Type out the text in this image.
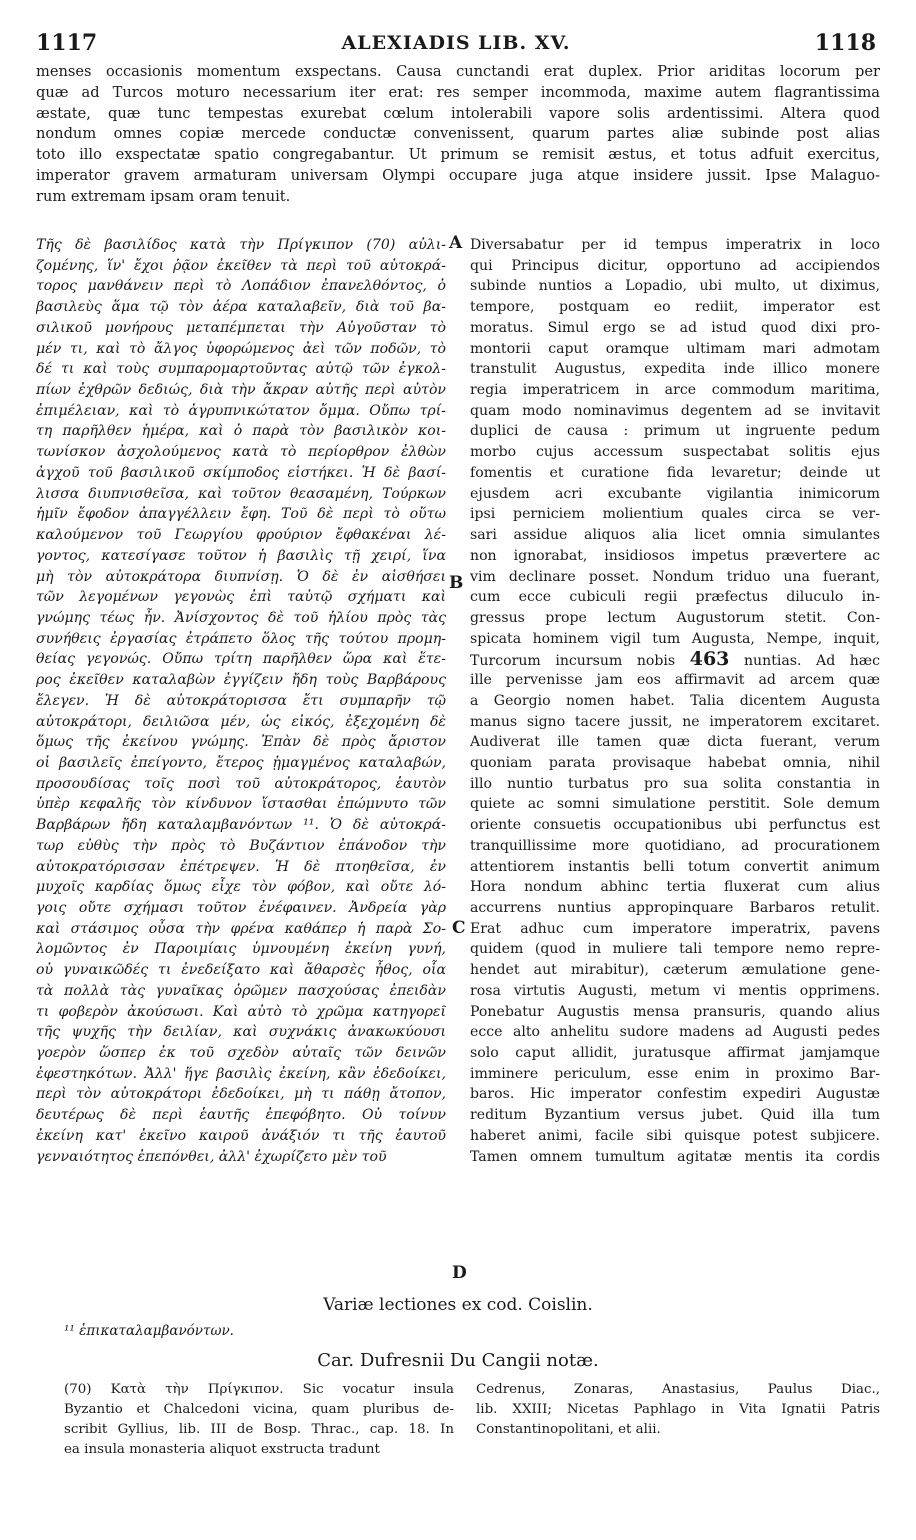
1117	ALEXIADIS LIB. XV.	1118
menses occasionis momentum exspectans. Causa cunctandi erat duplex. Prior ariditas locorum per
quæ ad Turcos moturo necessarium iter erat: res semper incommoda, maxime autem flagrantissima
æstate, quæ tunc tempestas exurebat cœlum intolerabili vapore solis ardentissimi. Altera quod
nondum omnes copiæ mercede conductæ convenissent, quarum partes aliæ subinde post alias
toto illo exspectatæ spatio congregabantur. Ut primum se remisit æstus, et totus adfuit exercitus,
imperator gravem armaturam universam Olympi occupare juga atque insidere jussit. Ipse Malaguo-
rum extremam ipsam oram tenuit.
Τῆς δὲ βασιλίδος κατὰ τὴν Πρίγκιπον (70) αὐλι-
ζομένης, ἵν' ἔχοι ῥᾷον ἐκεῖθεν τὰ περὶ τοῦ αὐτοκρά-
τορος μανθάνειν περὶ τὸ Λοπάδιον ἐπανελθόντος, ὁ
βασιλεὺς ἅμα τῷ τὸν ἀέρα καταλαβεῖν, διὰ τοῦ βα-
σιλικοῦ μονήρους μεταπέμπεται τὴν Αὐγοῦσταν τὸ
μέν τι, καὶ τὸ ἄλγος ὑφορώμενος ἀεὶ τῶν ποδῶν, τὸ
δέ τι καὶ τοὺς συμπαρομαρτοῦντας αὐτῷ τῶν ἐγκολ-
πίων ἐχθρῶν δεδιώς, διὰ τὴν ἄκραν αὐτῆς περὶ αὐτὸν
ἐπιμέλειαν, καὶ τὸ ἀγρυπνικώτατον ὄμμα. Οὔπω τρί-
τη παρῆλθεν ἡμέρα, καὶ ὁ παρὰ τὸν βασιλικὸν κοι-
τωνίσκον ἀσχολούμενος κατὰ τὸ περίορθρον ἐλθὼν
ἀγχοῦ τοῦ βασιλικοῦ σκίμποδος εἱστήκει. Ἡ δὲ βασί-
λισσα διυπνισθεῖσα, καὶ τοῦτον θεασαμένη, Τούρκων
ἡμῖν ἔφοδον ἀπαγγέλλειν ἔφη. Τοῦ δὲ περὶ τὸ οὕτω
καλούμενον τοῦ Γεωργίου φρούριον ἔφθακέναι λέ-
γοντος, κατεσίγασε τοῦτον ἡ βασιλὶς τῇ χειρί, ἵνα
μὴ τὸν αὐτοκράτορα διυπνίσῃ. Ὁ δὲ ἐν αἰσθήσει
τῶν λεγομένων γεγονὼς ἐπὶ ταὐτῷ σχήματι καὶ
γνώμης τέως ἦν. Ἀνίσχοντος δὲ τοῦ ἡλίου πρὸς τὰς
συνήθεις ἐργασίας ἐτράπετο ὅλος τῆς τούτου προμη-
θείας γεγονώς. Οὔπω τρίτη παρῆλθεν ὥρα καὶ ἕτε-
ρος ἐκεῖθεν καταλαβὼν ἐγγίζειν ἤδη τοὺς Βαρβάρους
ἔλεγεν. Ἡ δὲ αὐτοκράτορισσα ἔτι συμπαρῆν τῷ
αὐτοκράτορι, δειλιῶσα μέν, ὡς εἰκός, ἐξεχομένη δὲ
ὅμως τῆς ἐκείνου γνώμης. Ἐπὰν δὲ πρὸς ἄριστον
οἱ βασιλεῖς ἐπείγοντο, ἕτερος ᾑμαγμένος καταλαβών,
προσουδίσας τοῖς ποσὶ τοῦ αὐτοκράτορος, ἑαυτὸν
ὑπὲρ κεφαλῆς τὸν κίνδυνον ἵστασθαι ἐπώμνυτο τῶν
Βαρβάρων ἤδη καταλαμβανόντων ¹¹. Ὁ δὲ αὐτοκρά-
τωρ εὐθὺς τὴν πρὸς τὸ Βυζάντιον ἐπάνοδον τὴν
αὐτοκρατόρισσαν ἐπέτρεψεν. Ἡ δὲ πτοηθεῖσα, ἐν
μυχοῖς καρδίας ὅμως εἶχε τὸν φόβον, καὶ οὔτε λό-
γοις οὔτε σχήμασι τοῦτον ἐνέφαινεν. Ἀνδρεία γὰρ
καὶ στάσιμος οὖσα τὴν φρένα καθάπερ ἡ παρὰ Σο-
λομῶντος ἐν Παροιμίαις ὑμνουμένη ἐκείνη γυνή,
οὐ γυναικῶδές τι ἐνεδείξατο καὶ ἄθαρσὲς ἦθος, οἷα
τὰ πολλὰ τὰς γυναῖκας ὁρῶμεν πασχούσας ἐπειδὰν
τι φοβερὸν ἀκούσωσι. Καὶ αὐτὸ τὸ χρῶμα κατηγορεῖ
τῆς ψυχῆς τὴν δειλίαν, καὶ συχνάκις ἀνακωκύουσι
γοερὸν ὥσπερ ἐκ τοῦ σχεδὸν αὐταῖς τῶν δεινῶν
ἐφεστηκότων. Ἀλλ' ἥγε βασιλὶς ἐκείνη, κἂν ἐδεδοίκει,
περὶ τὸν αὐτοκράτορι ἐδεδοίκει, μὴ τι πάθῃ ἄτοπον,
δευτέρως δὲ περὶ ἑαυτῆς ἐπεφόβητο. Οὐ τοίνυν
ἐκείνη κατ' ἐκεῖνο καιροῦ ἀνάξιόν τι τῆς ἑαυτοῦ
γενναιότητος ἐπεπόνθει, ἀλλ' ἐχωρίζετο μὲν τοῦ
Diversabatur per id tempus imperatrix in loco
qui Principus dicitur, opportuno ad accipiendos
subinde nuntios a Lopadio, ubi multo, ut diximus,
tempore, postquam eo rediit, imperator est
moratus. Simul ergo se ad istud quod dixi pro-
montorii caput oramque ultimam mari admotam
transtulit Augustus, expedita inde illico monere
regia imperatricem in arce commodum maritima,
quam modo nominavimus degentem ad se invitavit
duplici de causa : primum ut ingruente pedum
morbo cujus accessum suspectabat solitis ejus
fomentis et curatione fida levaretur; deinde ut
ejusdem acri excubante vigilantia inimicorum
ipsi perniciem molientium quales circa se ver-
sari assidue aliquos alia licet omnia simulantes
non ignorabat, insidiosos impetus prævertere ac
vim declinare posset. Nondum triduo una fuerant,
cum ecce cubiculi regii præfectus diluculo in-
gressus prope lectum Augustorum stetit. Con-
spicata hominem vigil tum Augusta, Nempe, inquit,
Turcorum incursum nobis 463 nuntias. Ad hæc
ille pervenisse jam eos affirmavit ad arcem quæ
a Georgio nomen habet. Talia dicentem Augusta
manus signo tacere jussit, ne imperatorem excitaret.
Audiverat ille tamen quæ dicta fuerant, verum
quoniam parata provisaque habebat omnia, nihil
illo nuntio turbatus pro sua solita constantia in
quiete ac somni simulatione perstitit. Sole demum
oriente consuetis occupationibus ubi perfunctus est
tranquillissime more quotidiano, ad procurationem
attentiorem instantis belli totum convertit animum
Hora nondum abhinc tertia fluxerat cum alius
accurrens nuntius appropinquare Barbaros retulit.
Erat adhuc cum imperatore imperatrix, pavens
quidem (quod in muliere tali tempore nemo repre-
hendet aut mirabitur), cæterum æmulatione gene-
rosa virtutis Augusti, metum vi mentis opprimens.
Ponebatur Augustis mensa pransuris, quando alius
ecce alto anhelitu sudore madens ad Augusti pedes
solo caput allidit, juratusque affirmat jamjamque
imminere periculum, esse enim in proximo Bar-
baros. Hic imperator confestim expediri Augustæ
reditum Byzantium versus jubet. Quid illa tum
haberet animi, facile sibi quisque potest subjicere.
Tamen omnem tumultum agitatæ mentis ita cordis
A
B
C
D
Variæ lectiones ex cod. Coislin.
¹¹ ἐπικαταλαμβανόντων.
Car. Dufresnii Du Cangii notæ.
(70) Κατὰ τὴν Πρίγκιπον. Sic vocatur insula
Byzantio et Chalcedoni vicina, quam pluribus de-
scribit Gyllius, lib. III de Bosp. Thrac., cap. 18. In
ea insula monasteria aliquot exstructa tradunt
Cedrenus, Zonaras, Anastasius, Paulus Diac.,
lib. XXIII; Nicetas Paphlago in Vita Ignatii Patris
Constantinopolitani, et alii.
